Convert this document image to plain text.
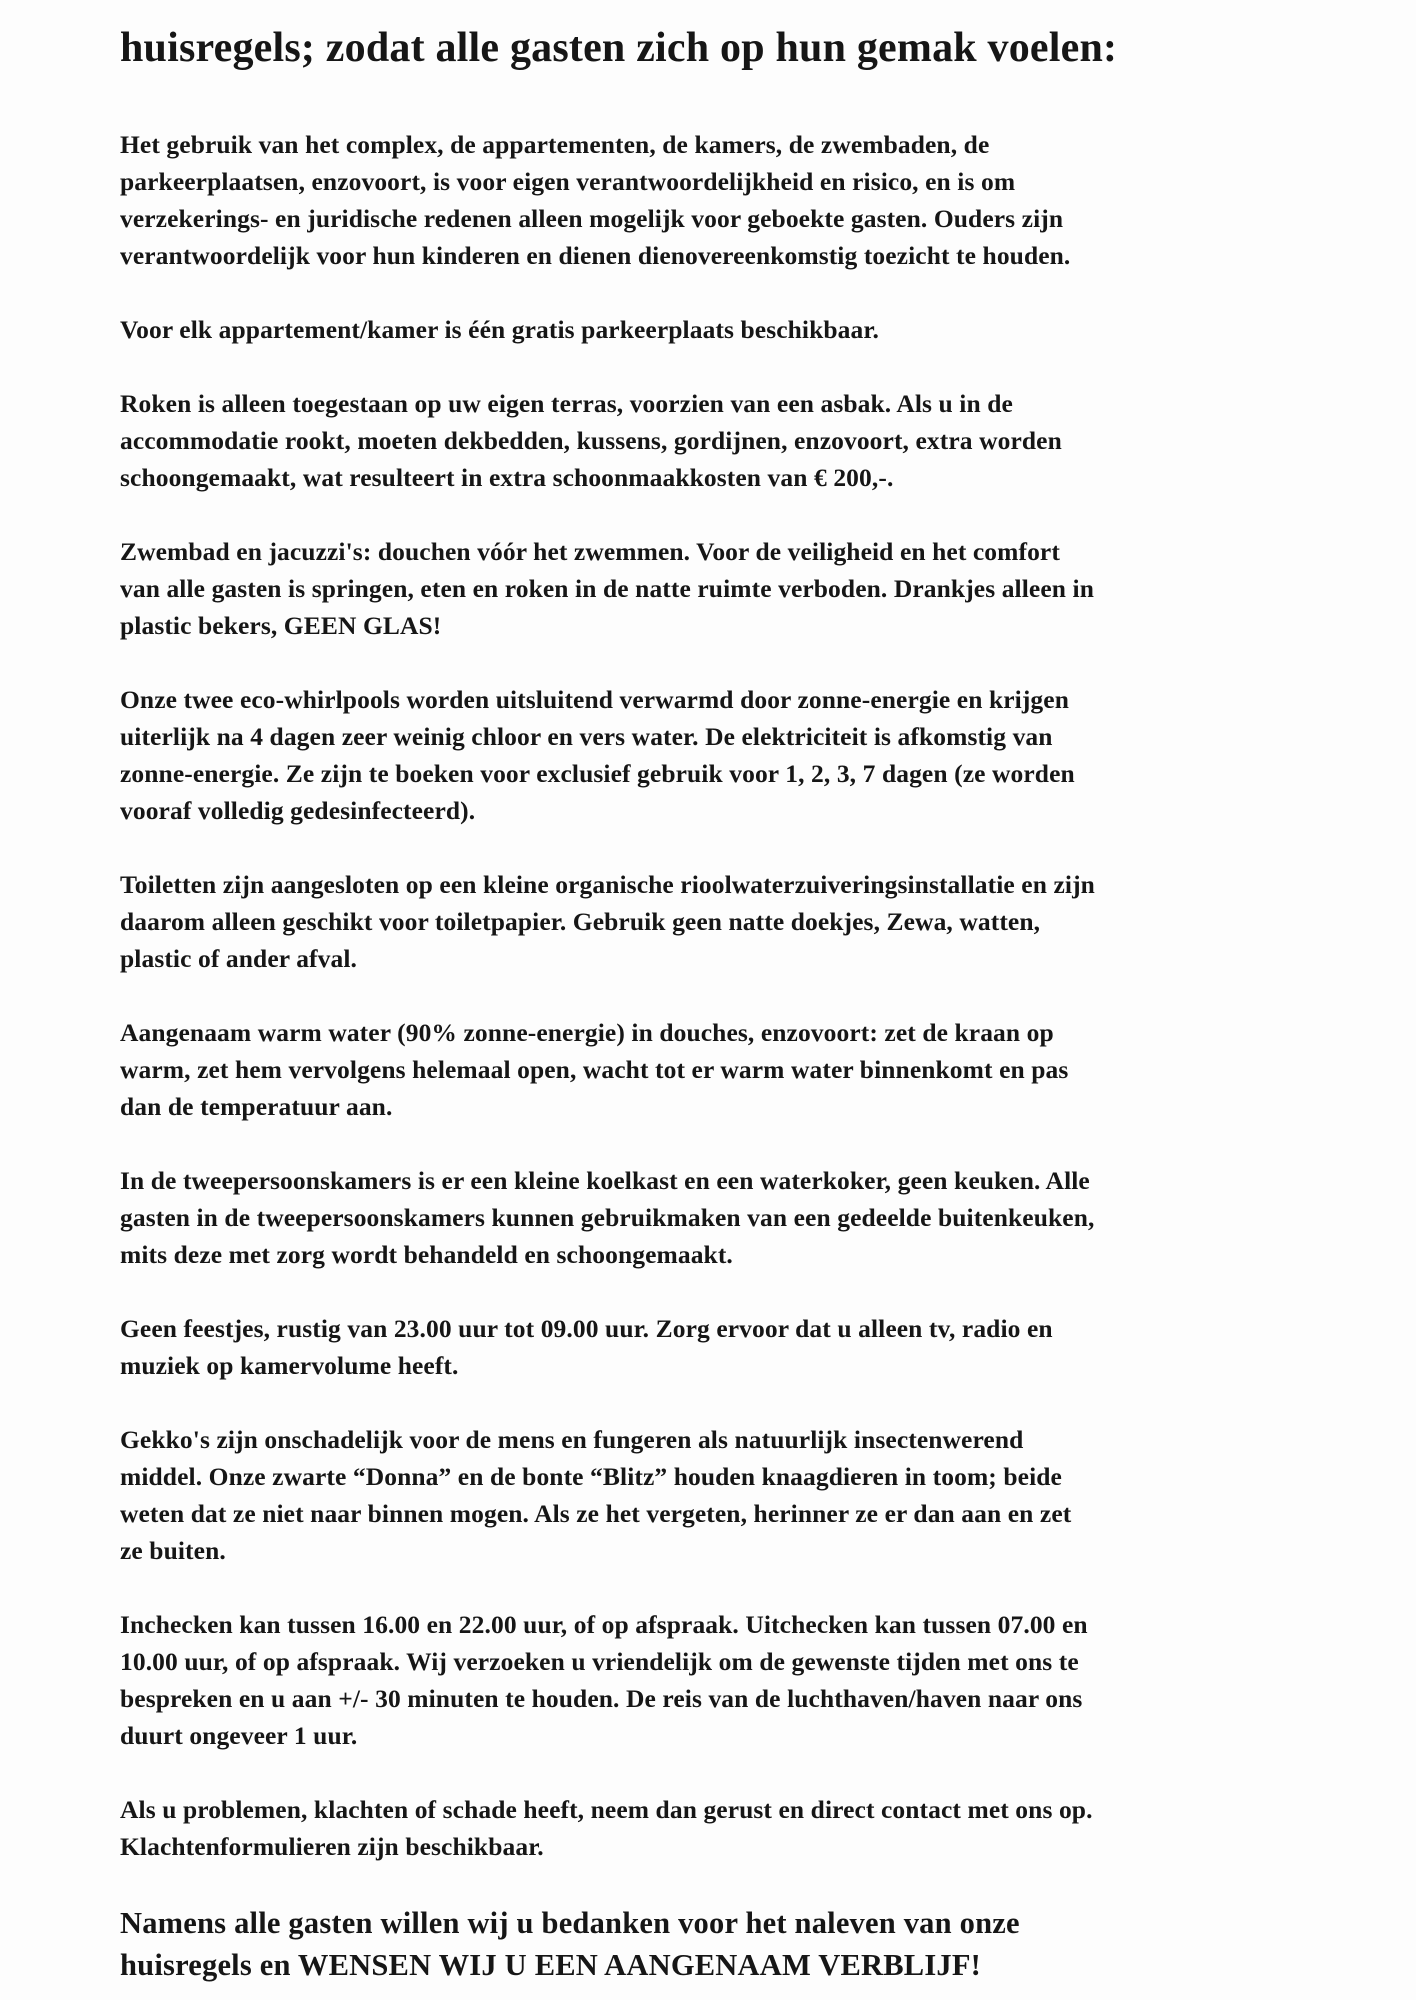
huisregels; zodat alle gasten zich op hun gemak voelen:
Het gebruik van het complex, de appartementen, de kamers, de zwembaden, de
parkeerplaatsen, enzovoort, is voor eigen verantwoordelijkheid en risico, en is om
verzekerings- en juridische redenen alleen mogelijk voor geboekte gasten. Ouders zijn
verantwoordelijk voor hun kinderen en dienen dienovereenkomstig toezicht te houden.
Voor elk appartement/kamer is één gratis parkeerplaats beschikbaar.
Roken is alleen toegestaan op uw eigen terras, voorzien van een asbak. Als u in de
accommodatie rookt, moeten dekbedden, kussens, gordijnen, enzovoort, extra worden
schoongemaakt, wat resulteert in extra schoonmaakkosten van € 200,-.
Zwembad en jacuzzi's: douchen vóór het zwemmen. Voor de veiligheid en het comfort
van alle gasten is springen, eten en roken in de natte ruimte verboden. Drankjes alleen in
plastic bekers, GEEN GLAS!
Onze twee eco-whirlpools worden uitsluitend verwarmd door zonne-energie en krijgen
uiterlijk na 4 dagen zeer weinig chloor en vers water. De elektriciteit is afkomstig van
zonne-energie. Ze zijn te boeken voor exclusief gebruik voor 1, 2, 3, 7 dagen (ze worden
vooraf volledig gedesinfecteerd).
Toiletten zijn aangesloten op een kleine organische rioolwaterzuiveringsinstallatie en zijn
daarom alleen geschikt voor toiletpapier. Gebruik geen natte doekjes, Zewa, watten,
plastic of ander afval.
Aangenaam warm water (90% zonne-energie) in douches, enzovoort: zet de kraan op
warm, zet hem vervolgens helemaal open, wacht tot er warm water binnenkomt en pas
dan de temperatuur aan.
In de tweepersoonskamers is er een kleine koelkast en een waterkoker, geen keuken. Alle
gasten in de tweepersoonskamers kunnen gebruikmaken van een gedeelde buitenkeuken,
mits deze met zorg wordt behandeld en schoongemaakt.
Geen feestjes, rustig van 23.00 uur tot 09.00 uur. Zorg ervoor dat u alleen tv, radio en
muziek op kamervolume heeft.
Gekko's zijn onschadelijk voor de mens en fungeren als natuurlijk insectenwerend
middel. Onze zwarte “Donna” en de bonte “Blitz” houden knaagdieren in toom; beide
weten dat ze niet naar binnen mogen. Als ze het vergeten, herinner ze er dan aan en zet
ze buiten.
Inchecken kan tussen 16.00 en 22.00 uur, of op afspraak. Uitchecken kan tussen 07.00 en
10.00 uur, of op afspraak. Wij verzoeken u vriendelijk om de gewenste tijden met ons te
bespreken en u aan +/- 30 minuten te houden. De reis van de luchthaven/haven naar ons
duurt ongeveer 1 uur.
Als u problemen, klachten of schade heeft, neem dan gerust en direct contact met ons op.
Klachtenformulieren zijn beschikbaar.
Namens alle gasten willen wij u bedanken voor het naleven van onze
huisregels en WENSEN WIJ U EEN AANGENAAM VERBLIJF!
